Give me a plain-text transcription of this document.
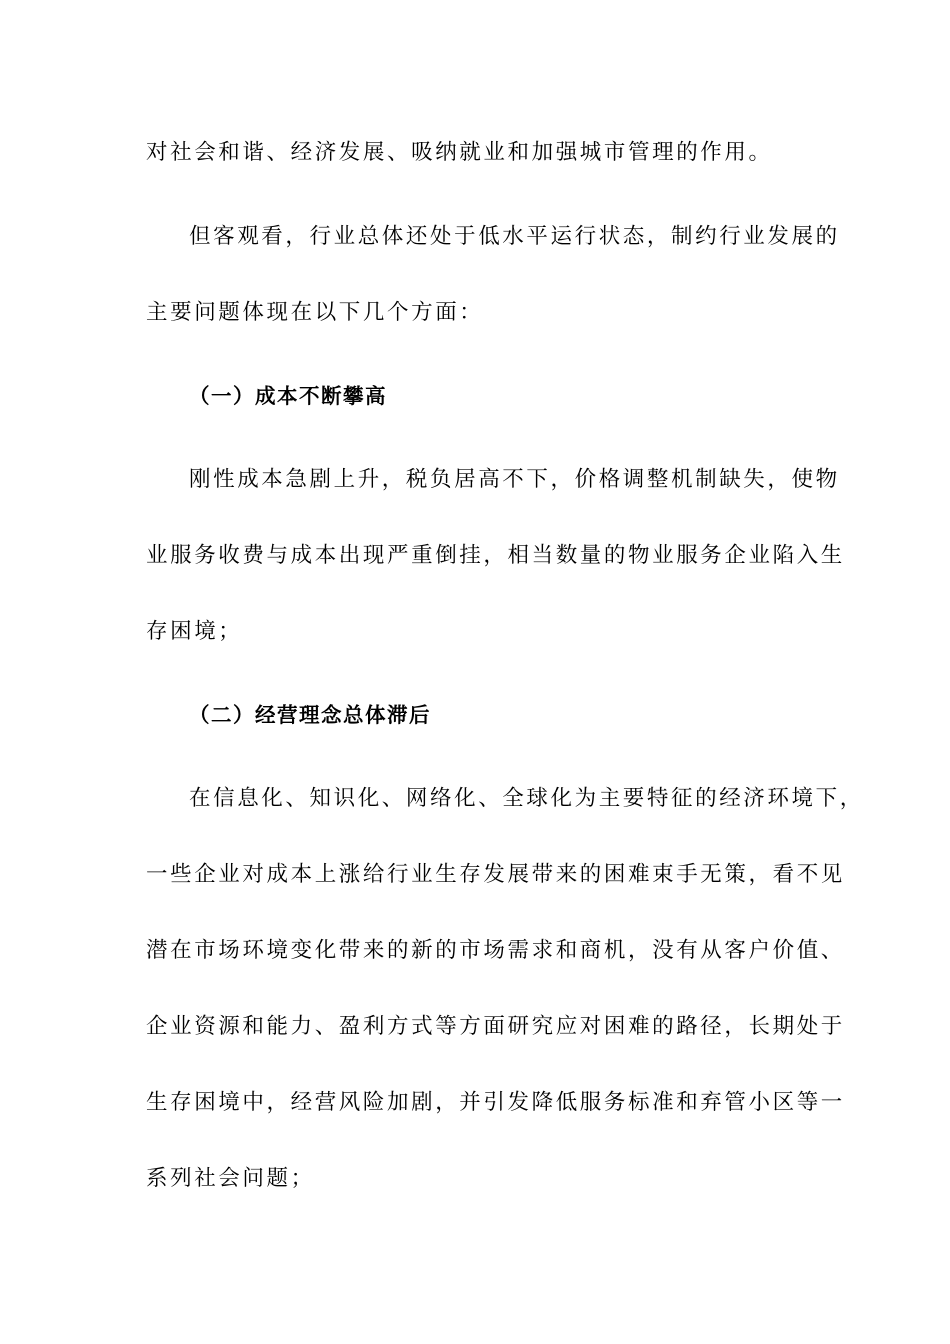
对社会和谐、经济发展、吸纳就业和加强城市管理的作用。
但客观看，行业总体还处于低水平运行状态，制约行业发展的
主要问题体现在以下几个方面：
（一）成本不断攀高
刚性成本急剧上升，税负居高不下，价格调整机制缺失，使物
业服务收费与成本出现严重倒挂，相当数量的物业服务企业陷入生
存困境；
（二）经营理念总体滞后
在信息化、知识化、网络化、全球化为主要特征的经济环境下，
一些企业对成本上涨给行业生存发展带来的困难束手无策，看不见
潜在市场环境变化带来的新的市场需求和商机，没有从客户价值、
企业资源和能力、盈利方式等方面研究应对困难的路径，长期处于
生存困境中，经营风险加剧，并引发降低服务标准和弃管小区等一
系列社会问题；
